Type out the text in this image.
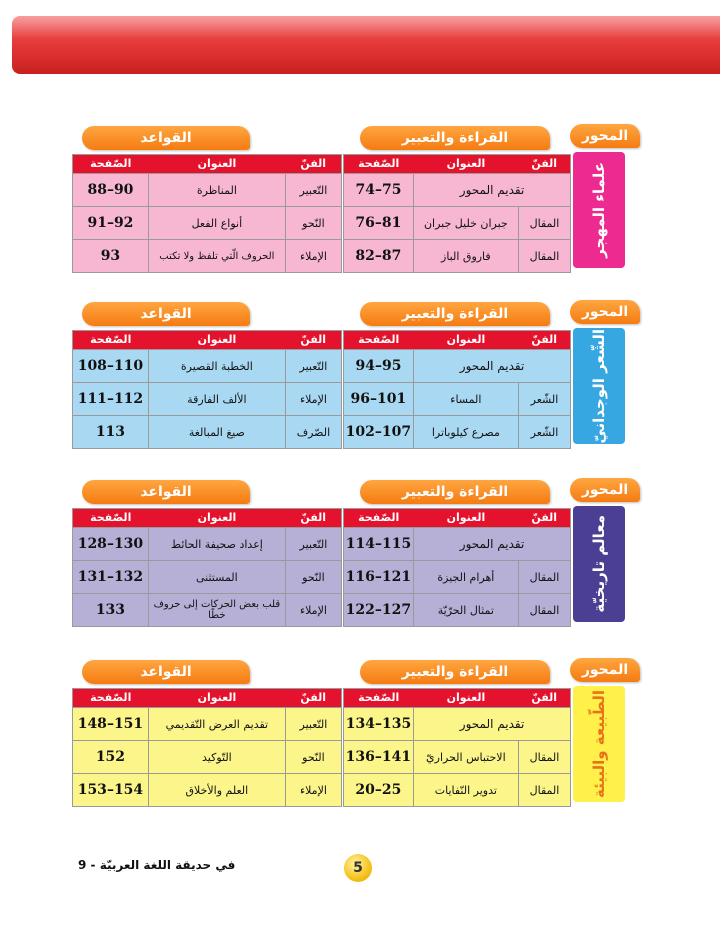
المحور
القراءة والتعبير
القواعد
علماء المهجر
الفنّ
العنوان
الصّفحة
تقديم المحور
75–74
المقال
جبران خليل جبران
81–76
المقال
فاروق الباز
87–82
الفنّ
العنوان
الصّفحة
التّعبير
المناظرة
90–88
النّحو
أنواع الفعل
92–91
الإملاء
الحروف الّتي تلفظ ولا تكتب
93
المحور
القراءة والتعبير
القواعد
الشّعر الوجدانيّ
الفنّ
العنوان
الصّفحة
تقديم المحور
95–94
الشّعر
المساء
101–96
الشّعر
مصرع كيلوباترا
107–102
الفنّ
العنوان
الصّفحة
التّعبير
الخطبة القصيرة
110–108
الإملاء
الألف الفارقة
112–111
الصّرف
صيغ المبالغة
113
المحور
القراءة والتعبير
القواعد
معالم تاريخيّة
الفنّ
العنوان
الصّفحة
تقديم المحور
115–114
المقال
أهرام الجيزة
121–116
المقال
تمثال الحرّيّة
127–122
الفنّ
العنوان
الصّفحة
التّعبير
إعداد صحيفة الحائط
130–128
النّحو
المستثنى
132–131
الإملاء
قلب بعض الحركات إلى حروف خطًا
133
المحور
القراءة والتعبير
القواعد
الطّبيعة والبيئة
الفنّ
العنوان
الصّفحة
تقديم المحور
135–134
المقال
الاحتباس الحراريّ
141–136
المقال
تدوير النّفايات
25–20
الفنّ
العنوان
الصّفحة
التّعبير
تقديم العرض التّقديمي
151–148
النّحو
التّوكيد
152
الإملاء
العلم والأخلاق
154–153
في حديقة اللغة العربيّة - 9	5
